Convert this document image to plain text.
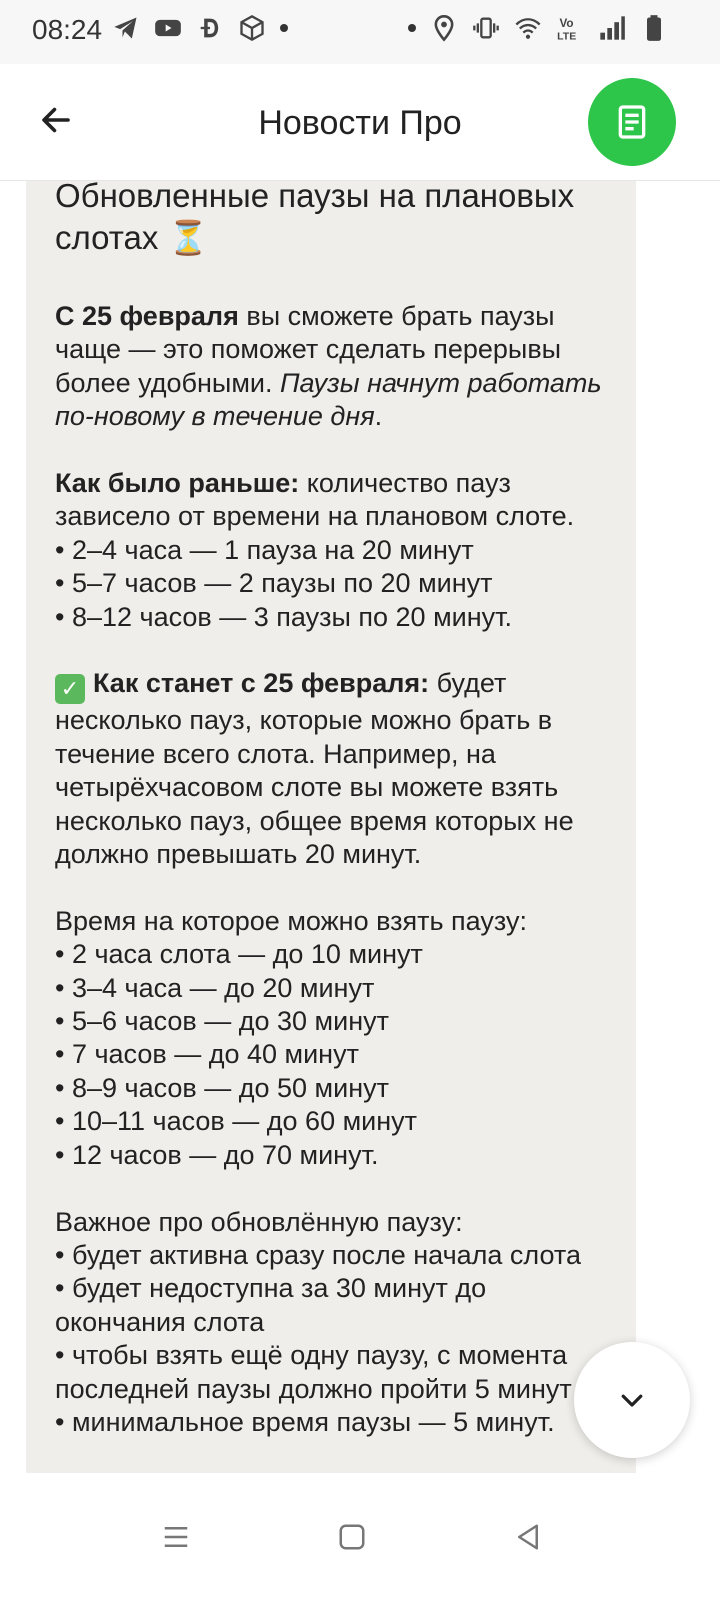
08:24	Vo
LTE
Новости Про
Обновленные паузы на плановых слотах ⏳

С 25 февраля вы сможете брать паузы чаще — это поможет сделать перерывы более удобными. Паузы начнут работать по-новому в течение дня.

Как было раньше: количество пауз зависело от времени на плановом слоте.

• 2–4 часа — 1 пауза на 20 минут

• 5–7 часов — 2 паузы по 20 минут

• 8–12 часов — 3 паузы по 20 минут.

✓ Как станет с 25 февраля: будет несколько пауз, которые можно брать в течение всего слота. Например, на четырёхчасовом слоте вы можете взять несколько пауз, общее время которых не должно превышать 20 минут.

Время на которое можно взять паузу:

• 2 часа слота — до 10 минут

• 3–4 часа — до 20 минут

• 5–6 часов — до 30 минут

• 7 часов — до 40 минут

• 8–9 часов — до 50 минут

• 10–11 часов — до 60 минут

• 12 часов — до 70 минут.

Важное про обновлённую паузу:

• будет активна сразу после начала слота

• будет недоступна за 30 минут до окончания слота

• чтобы взять ещё одну паузу, с момента последней паузы должно пройти 5 минут

• минимальное время паузы — 5 минут.
